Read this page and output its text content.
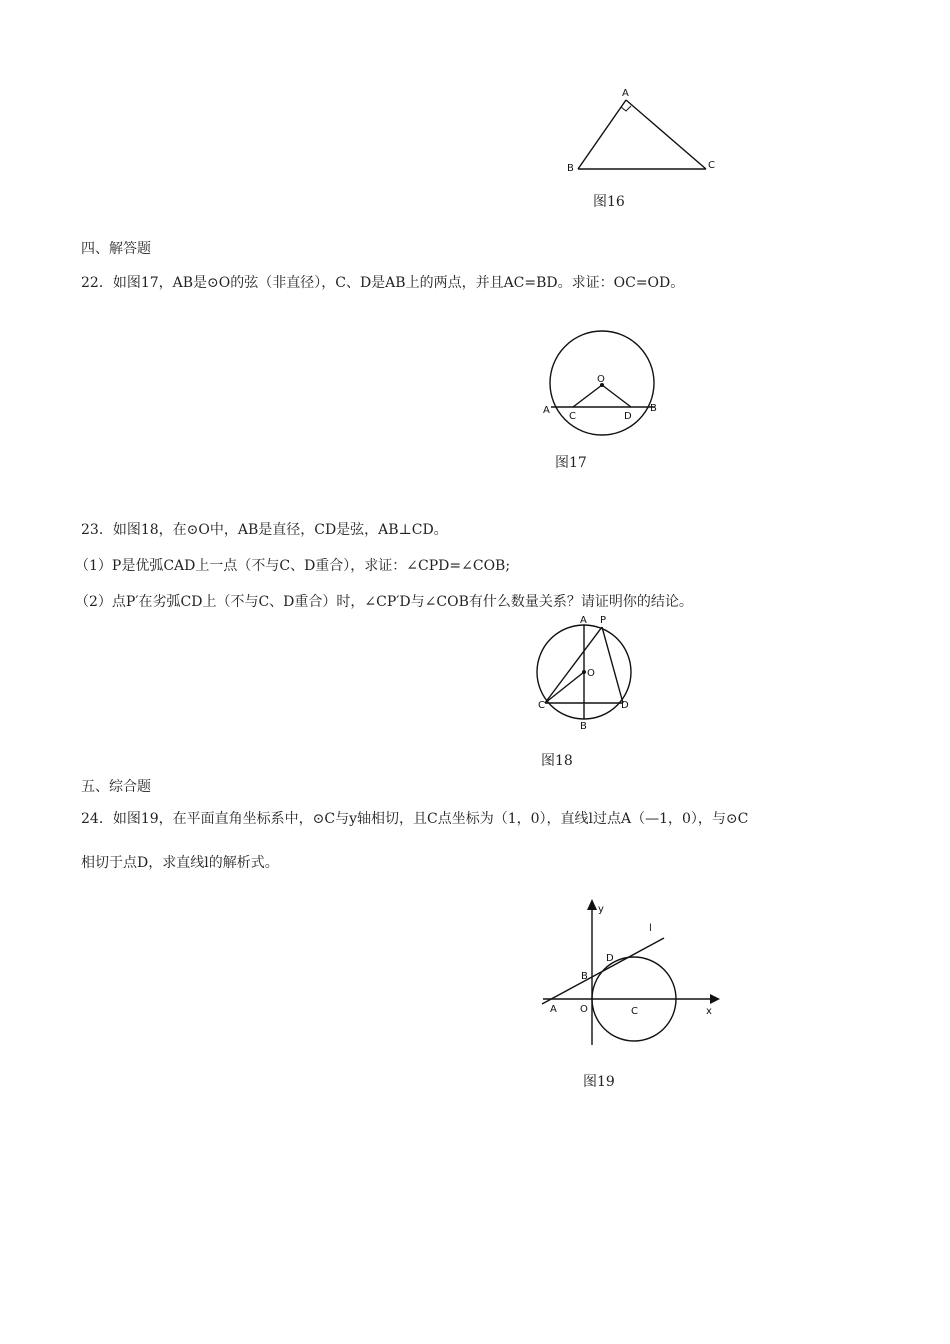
A
B	C
图16
四、解答题
22．如图17，AB是⊙O的弦（非直径），C、D是AB上的两点，并且AC=BD。求证：OC=OD。
O
A
C	D
B
图17
23．如图18，在⊙O中，AB是直径，CD是弦，AB⊥CD。
（1）P是优弧CAD上一点（不与C、D重合），求证：∠CPD=∠COB;
（2）点P′在劣弧CD上（不与C、D重合）时，∠CP′D与∠COB有什么数量关系？请证明你的结论。
A P
O
C	D
B
图18
五、综合题
24．如图19，在平面直角坐标系中，⊙C与y轴相切，且C点坐标为（1，0），直线l过点A（—1，0），与⊙C
相切于点D，求直线l的解析式。
y
x
l
D
B
A O	C
图19
